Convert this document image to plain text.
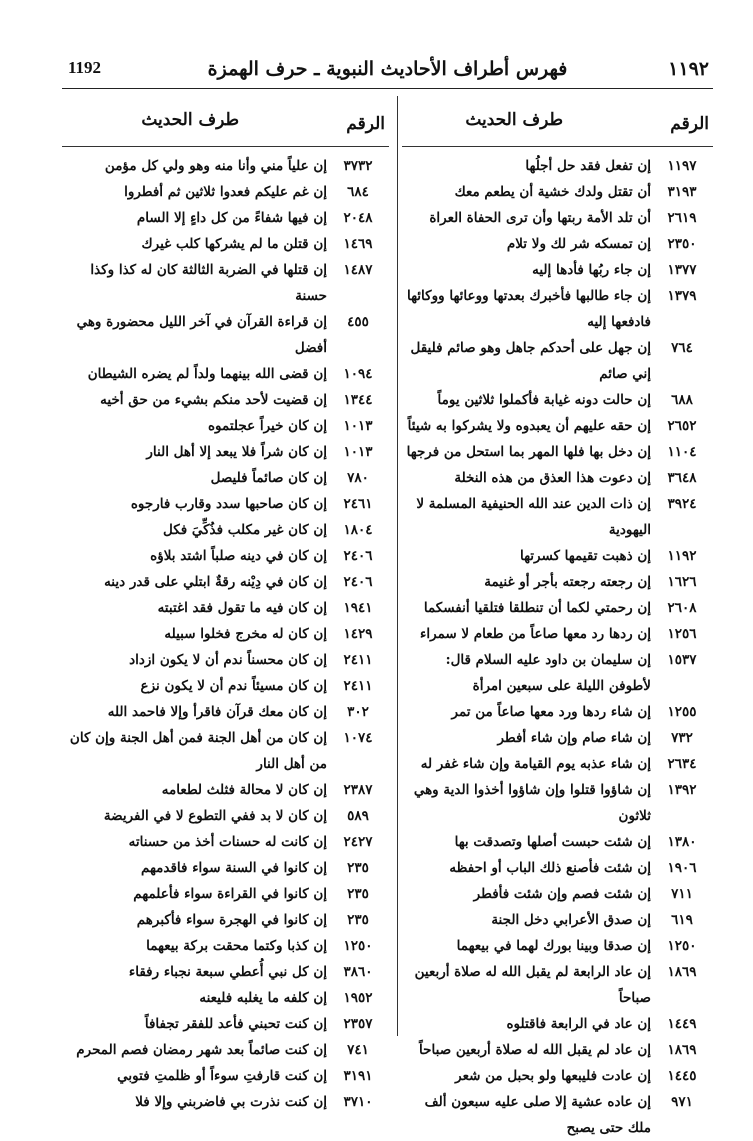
1192	فهرس أطراف الأحاديث النبوية ـ حرف الهمزة	١١٩٢
الرقم
طرف الحديث
١١٩٧
إن تفعل فقد حل أجلُها
٣١٩٣
أن تقتل ولدك خشية أن يطعم معك
٢٦١٩
أن تلد الأمة ربتها وأن ترى الحفاة العراة
٢٣٥٠
إن تمسكه شر لك ولا تلام
١٣٧٧
إن جاء ربُها فأدها إليه
١٣٧٩
إن جاء طالبها فأخبرك بعدتها ووعائها ووكائها فادفعها إليه
٧٦٤
إن جهل على أحدكم جاهل وهو صائم فليقل إني صائم
٦٨٨
إن حالت دونه غيابة فأكملوا ثلاثين يوماً
٢٦٥٢
إن حقه عليهم أن يعبدوه ولا يشركوا به شيئاً
١١٠٤
إن دخل بها فلها المهر بما استحل من فرجها
٣٦٤٨
إن دعوت هذا العذق من هذه النخلة
٣٩٢٤
إن ذات الدين عند الله الحنيفية المسلمة لا اليهودية
١١٩٢
إن ذهبت تقيمها كسرتها
١٦٢٦
إن رجعته رجعته بأجر أو غنيمة
٢٦٠٨
إن رحمتي لكما أن تنطلقا فتلقيا أنفسكما
١٢٥٦
إن ردها رد معها صاعاً من طعام لا سمراء
١٥٣٧
إن سليمان بن داود عليه السلام قال: لأطوفن الليلة على سبعين امرأة
١٢٥٥
إن شاء ردها ورد معها صاعاً من تمر
٧٣٢
إن شاء صام وإن شاء أفطر
٢٦٣٤
إن شاء عذبه يوم القيامة وإن شاء غفر له
١٣٩٢
إن شاؤوا قتلوا وإن شاؤوا أخذوا الدية وهي ثلاثون
١٣٨٠
إن شئت حبست أصلها وتصدقت بها
١٩٠٦
إن شئت فأصنع ذلك الباب أو احفظه
٧١١
إن شئت فصم وإن شئت فأفطر
٦١٩
إن صدق الأعرابي دخل الجنة
١٢٥٠
إن صدقا وبينا بورك لهما في بيعهما
١٨٦٩
إن عاد الرابعة لم يقبل الله له صلاة أربعين صباحاً
١٤٤٩
إن عاد في الرابعة فاقتلوه
١٨٦٩
إن عاد لم يقبل الله له صلاة أربعين صباحاً
١٤٤٥
إن عادت فليبعها ولو بحبل من شعر
٩٧١
إن عاده عشية إلا صلى عليه سبعون ألف ملك حتى يصبح
الرقم
طرف الحديث
٣٧٣٢
إن علياً مني وأنا منه وهو ولي كل مؤمن
٦٨٤
إن غم عليكم فعدوا ثلاثين ثم أفطروا
٢٠٤٨
إن فيها شفاءً من كل داءٍ إلا السام
١٤٦٩
إن قتلن ما لم يشركها كلب غيرك
١٤٨٧
إن قتلها في الضربة الثالثة كان له كذا وكذا حسنة
٤٥٥
إن قراءة القرآن في آخر الليل محضورة وهي أفضل
١٠٩٤
إن قضى الله بينهما ولداً لم يضره الشيطان
١٣٤٤
إن قضيت لأحد منكم بشيء من حق أخيه
١٠١٣
إن كان خيراً عجلتموه
١٠١٣
إن كان شراً فلا يبعد إلا أهل النار
٧٨٠
إن كان صائماً فليصل
٢٤٦١
إن كان صاحبها سدد وقارب فارجوه
١٨٠٤
إن كان غير مكلب فذُكِّيَ فكل
٢٤٠٦
إن كان في دينه صلباً اشتد بلاؤه
٢٤٠٦
إن كان في دِيْنه رقةٌ ابتلي على قدر دينه
١٩٤١
إن كان فيه ما تقول فقد اغتبته
١٤٢٩
إن كان له مخرج فخلوا سبيله
٢٤١١
إن كان محسناً ندم أن لا يكون ازداد
٢٤١١
إن كان مسيئاً ندم أن لا يكون نزع
٣٠٢
إن كان معك قرآن فاقرأ وإلا فاحمد الله
١٠٧٤
إن كان من أهل الجنة فمن أهل الجنة وإن كان من أهل النار
٢٣٨٧
إن كان لا محالة فثلث لطعامه
٥٨٩
إن كان لا بد ففي التطوع لا في الفريضة
٢٤٢٧
إن كانت له حسنات أخذ من حسناته
٢٣٥
إن كانوا في السنة سواء فاقدمهم
٢٣٥
إن كانوا في القراءة سواء فأعلمهم
٢٣٥
إن كانوا في الهجرة سواء فأكبرهم
١٢٥٠
إن كذبا وكتما محقت بركة بيعهما
٣٨٦٠
إن كل نبي أُعطي سبعة نجباء رفقاء
١٩٥٢
إن كلفه ما يغلبه فليعنه
٢٣٥٧
إن كنت تحبني فأعد للفقر تجفافاً
٧٤١
إن كنت صائماً بعد شهر رمضان فصم المحرم
٣١٩١
إن كنت قارفتِ سوءاً أو ظلمتِ فتوبي
٣٧١٠
إن كنت نذرت بي فاضربني وإلا فلا
